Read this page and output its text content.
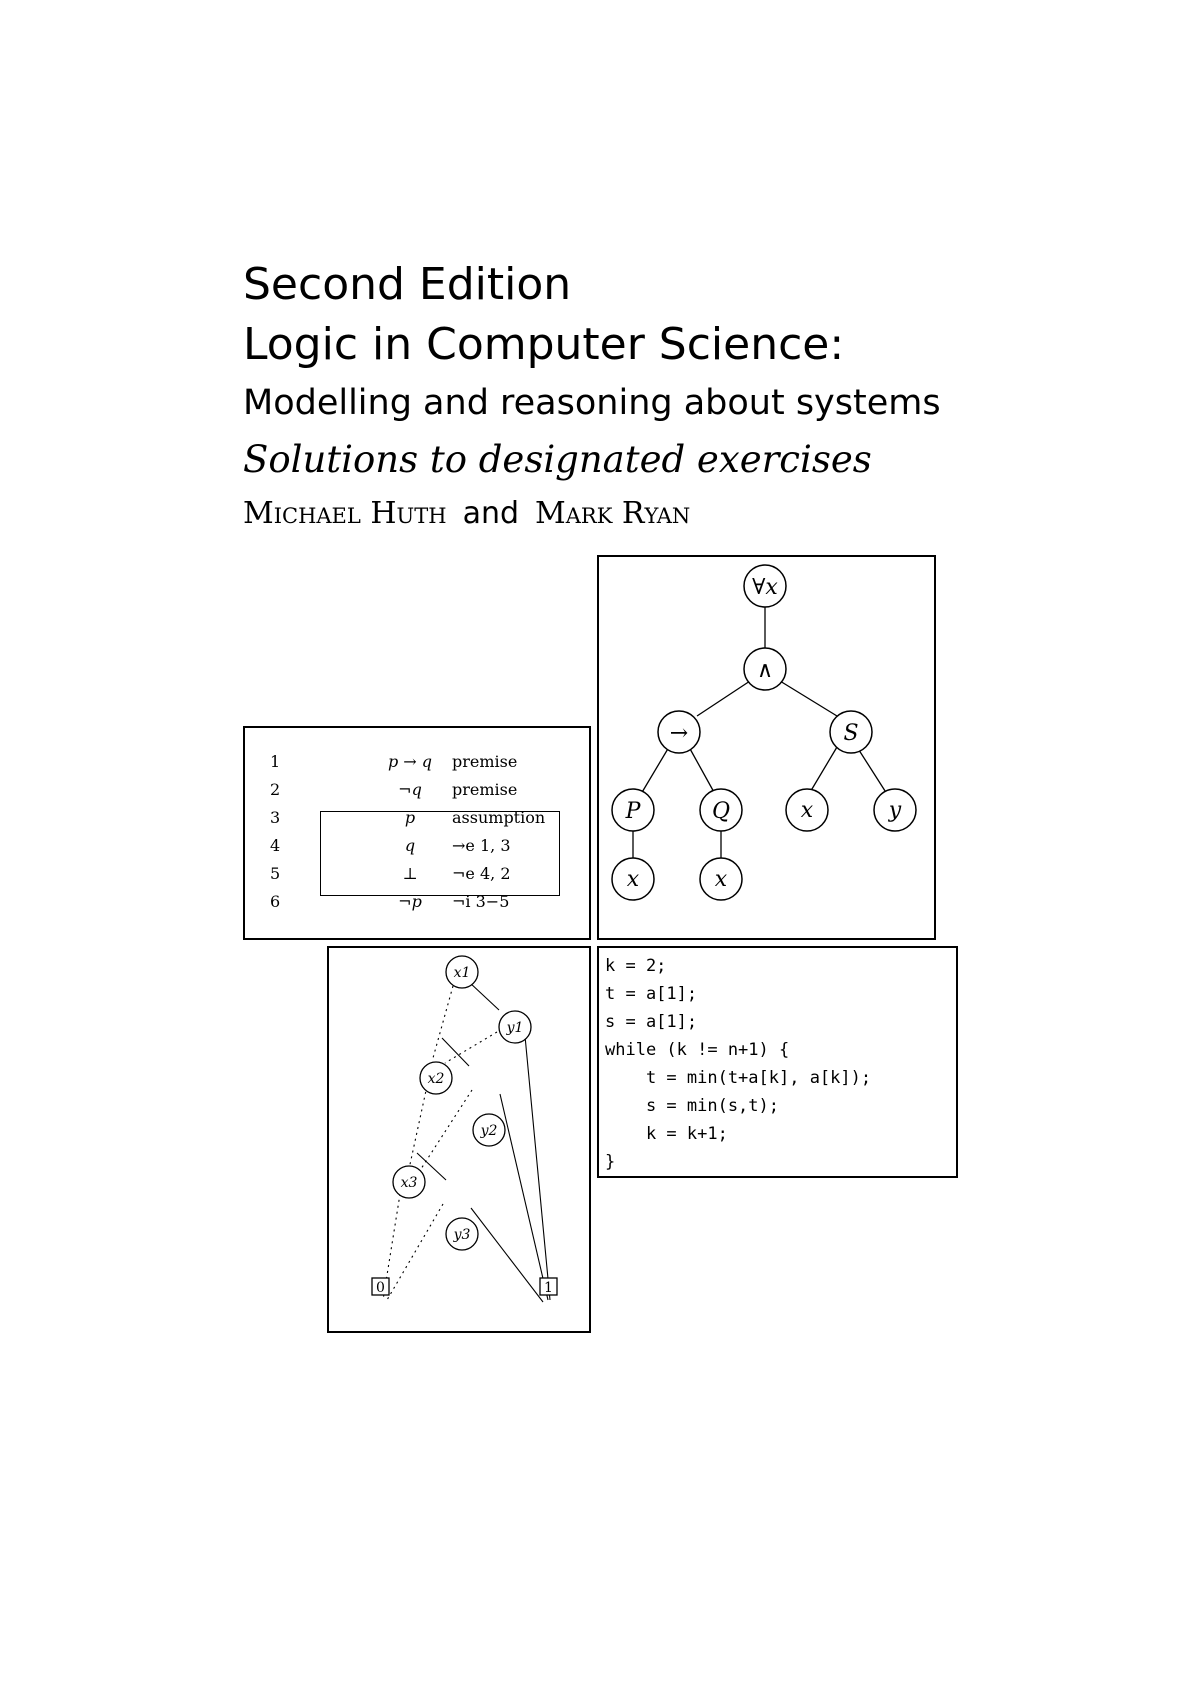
Second Edition
Logic in Computer Science:
Modelling and reasoning about systems
Solutions to designated exercises
Michael Huth and Mark Ryan
1	p → q	premise
2	¬q	premise
3	p	assumption
4	q	→e 1, 3
5	⊥	¬e 4, 2
6	¬p	¬i 3−5
∀x
∧
→	S
P	Q	x	y
x	x
x1
y1
x2
y2
x3
y3
0	1
k = 2;
t = a[1];
s = a[1];
while (k != n+1) {
t = min(t+a[k], a[k]);
s = min(s,t);
k = k+1;
}
